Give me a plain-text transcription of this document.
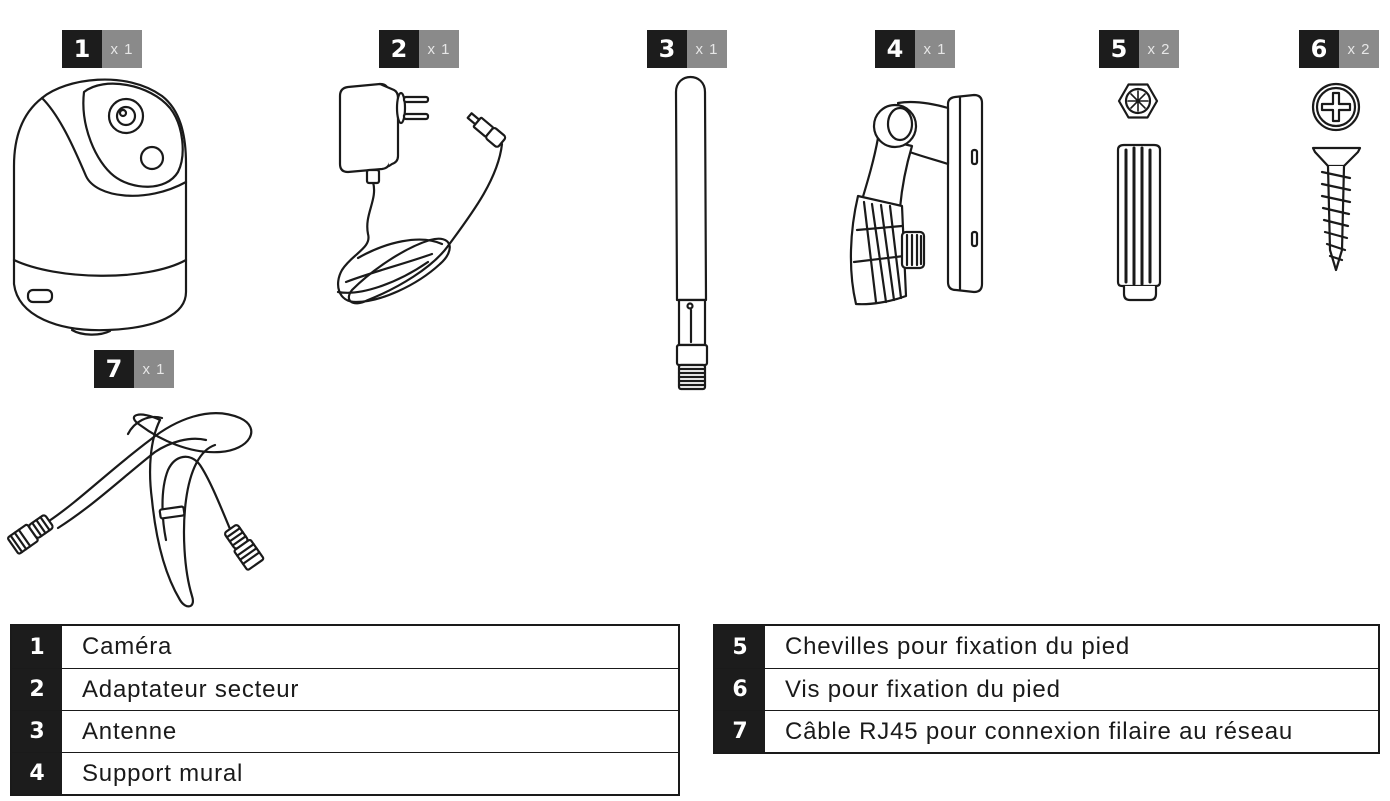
1	x 1	2	x 1	3	x 1	4	x 1	5	x 2	6	x 2
7	x 1
1	Caméra
2	Adaptateur secteur
3	Antenne
4	Support mural
5	Chevilles pour fixation du pied
6	Vis pour fixation du pied
7	Câble RJ45 pour connexion filaire au réseau
